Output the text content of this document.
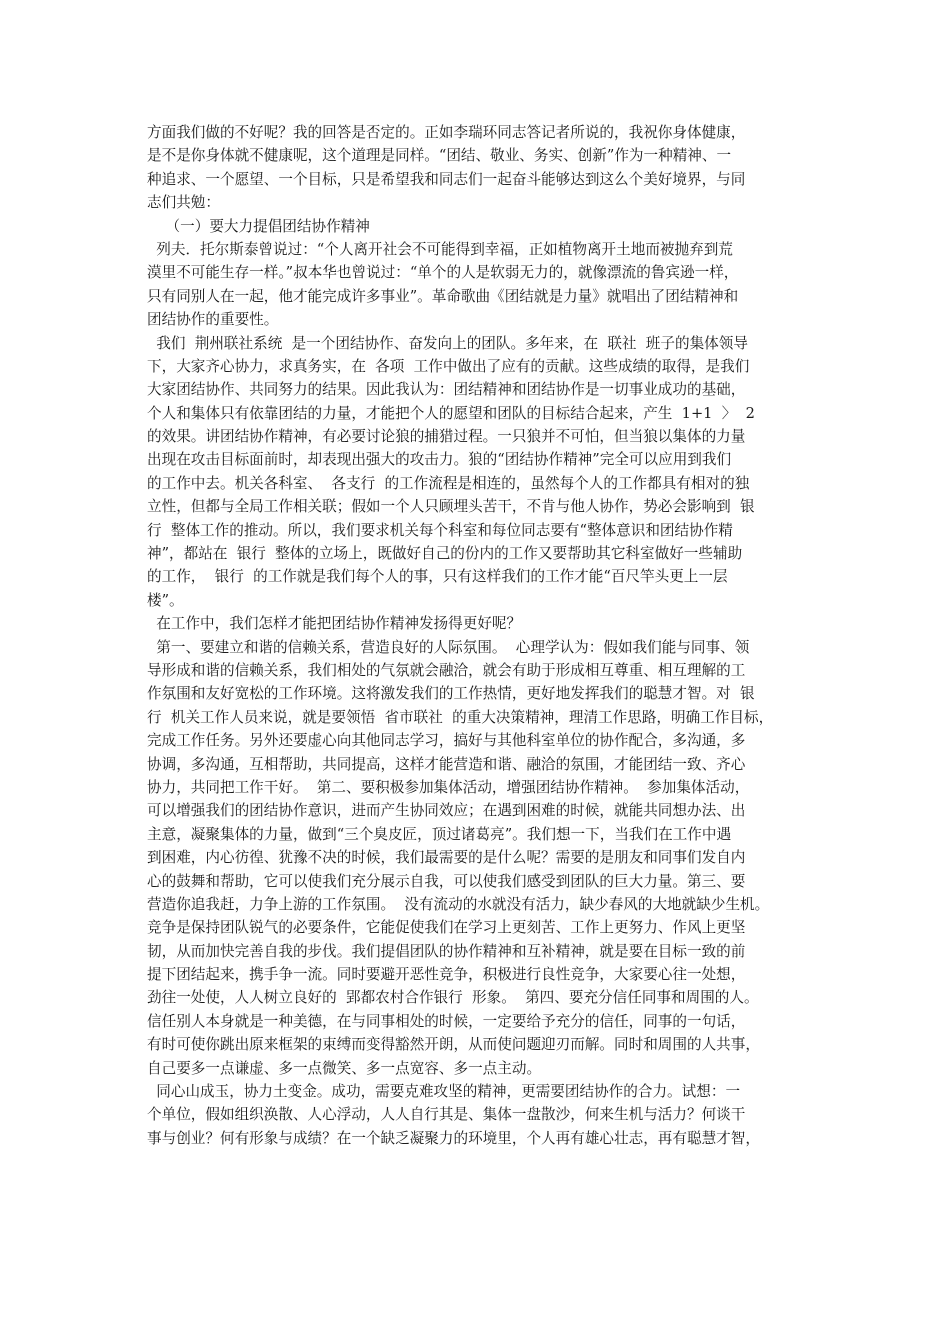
方面我们做的不好呢？我的回答是否定的。正如李瑞环同志答记者所说的，我祝你身体健康，
是不是你身体就不健康呢，这个道理是同样。“团结、敬业、务实、创新”作为一种精神、一
种追求、一个愿望、一个目标，只是希望我和同志们一起奋斗能够达到这么个美好境界，与同
志们共勉：
（一）要大力提倡团结协作精神
列夫．托尔斯泰曾说过：“个人离开社会不可能得到幸福，正如植物离开土地而被抛弃到荒
漠里不可能生存一样。”叔本华也曾说过：“单个的人是软弱无力的，就像漂流的鲁宾逊一样，
只有同别人在一起，他才能完成许多事业”。革命歌曲《团结就是力量》就唱出了团结精神和
团结协作的重要性。
我们  荆州联社系统  是一个团结协作、奋发向上的团队。多年来，在  联社  班子的集体领导
下，大家齐心协力，求真务实，在  各项  工作中做出了应有的贡献。这些成绩的取得，是我们
大家团结协作、共同努力的结果。因此我认为：团结精神和团结协作是一切事业成功的基础，
个人和集体只有依靠团结的力量，才能把个人的愿望和团队的目标结合起来，产生  1+1  〉  2
的效果。讲团结协作精神，有必要讨论狼的捕猎过程。一只狼并不可怕，但当狼以集体的力量
出现在攻击目标面前时，却表现出强大的攻击力。狼的“团结协作精神”完全可以应用到我们
的工作中去。机关各科室、  各支行  的工作流程是相连的，虽然每个人的工作都具有相对的独
立性，但都与全局工作相关联；假如一个人只顾埋头苦干，不肯与他人协作，势必会影响到  银
行  整体工作的推动。所以，我们要求机关每个科室和每位同志要有“整体意识和团结协作精
神”，都站在  银行  整体的立场上，既做好自己的份内的工作又要帮助其它科室做好一些辅助
的工作，  银行  的工作就是我们每个人的事，只有这样我们的工作才能“百尺竿头更上一层
楼”。
在工作中，我们怎样才能把团结协作精神发扬得更好呢？
第一、要建立和谐的信赖关系，营造良好的人际氛围。  心理学认为：假如我们能与同事、领
导形成和谐的信赖关系，我们相处的气氛就会融洽，就会有助于形成相互尊重、相互理解的工
作氛围和友好宽松的工作环境。这将激发我们的工作热情，更好地发挥我们的聪慧才智。对  银
行  机关工作人员来说，就是要领悟  省市联社  的重大决策精神，理清工作思路，明确工作目标，
完成工作任务。另外还要虚心向其他同志学习，搞好与其他科室单位的协作配合，多沟通，多
协调，多沟通，互相帮助，共同提高，这样才能营造和谐、融洽的氛围，才能团结一致、齐心
协力，共同把工作干好。  第二、要积极参加集体活动，增强团结协作精神。  参加集体活动，
可以增强我们的团结协作意识，进而产生协同效应；在遇到困难的时候，就能共同想办法、出
主意，凝聚集体的力量，做到“三个臭皮匠，顶过诸葛亮”。我们想一下，当我们在工作中遇
到困难，内心彷徨、犹豫不决的时候，我们最需要的是什么呢？需要的是朋友和同事们发自内
心的鼓舞和帮助，它可以使我们充分展示自我，可以使我们感受到团队的巨大力量。第三、要
营造你追我赶，力争上游的工作氛围。  没有流动的水就没有活力，缺少春风的大地就缺少生机。
竞争是保持团队锐气的必要条件，它能促使我们在学习上更刻苦、工作上更努力、作风上更坚
韧，从而加快完善自我的步伐。我们提倡团队的协作精神和互补精神，就是要在目标一致的前
提下团结起来，携手争一流。同时要避开恶性竞争，积极进行良性竞争，大家要心往一处想，
劲往一处使，人人树立良好的  郢都农村合作银行  形象。  第四、要充分信任同事和周围的人。
信任别人本身就是一种美德，在与同事相处的时候，一定要给予充分的信任，同事的一句话，
有时可使你跳出原来框架的束缚而变得豁然开朗，从而使问题迎刃而解。同时和周围的人共事，
自己要多一点谦虚、多一点微笑、多一点宽容、多一点主动。
同心山成玉，协力土变金。成功，需要克难攻坚的精神，更需要团结协作的合力。试想：一
个单位，假如组织涣散、人心浮动，人人自行其是、集体一盘散沙，何来生机与活力？何谈干
事与创业？何有形象与成绩？在一个缺乏凝聚力的环境里，个人再有雄心壮志，再有聪慧才智，
